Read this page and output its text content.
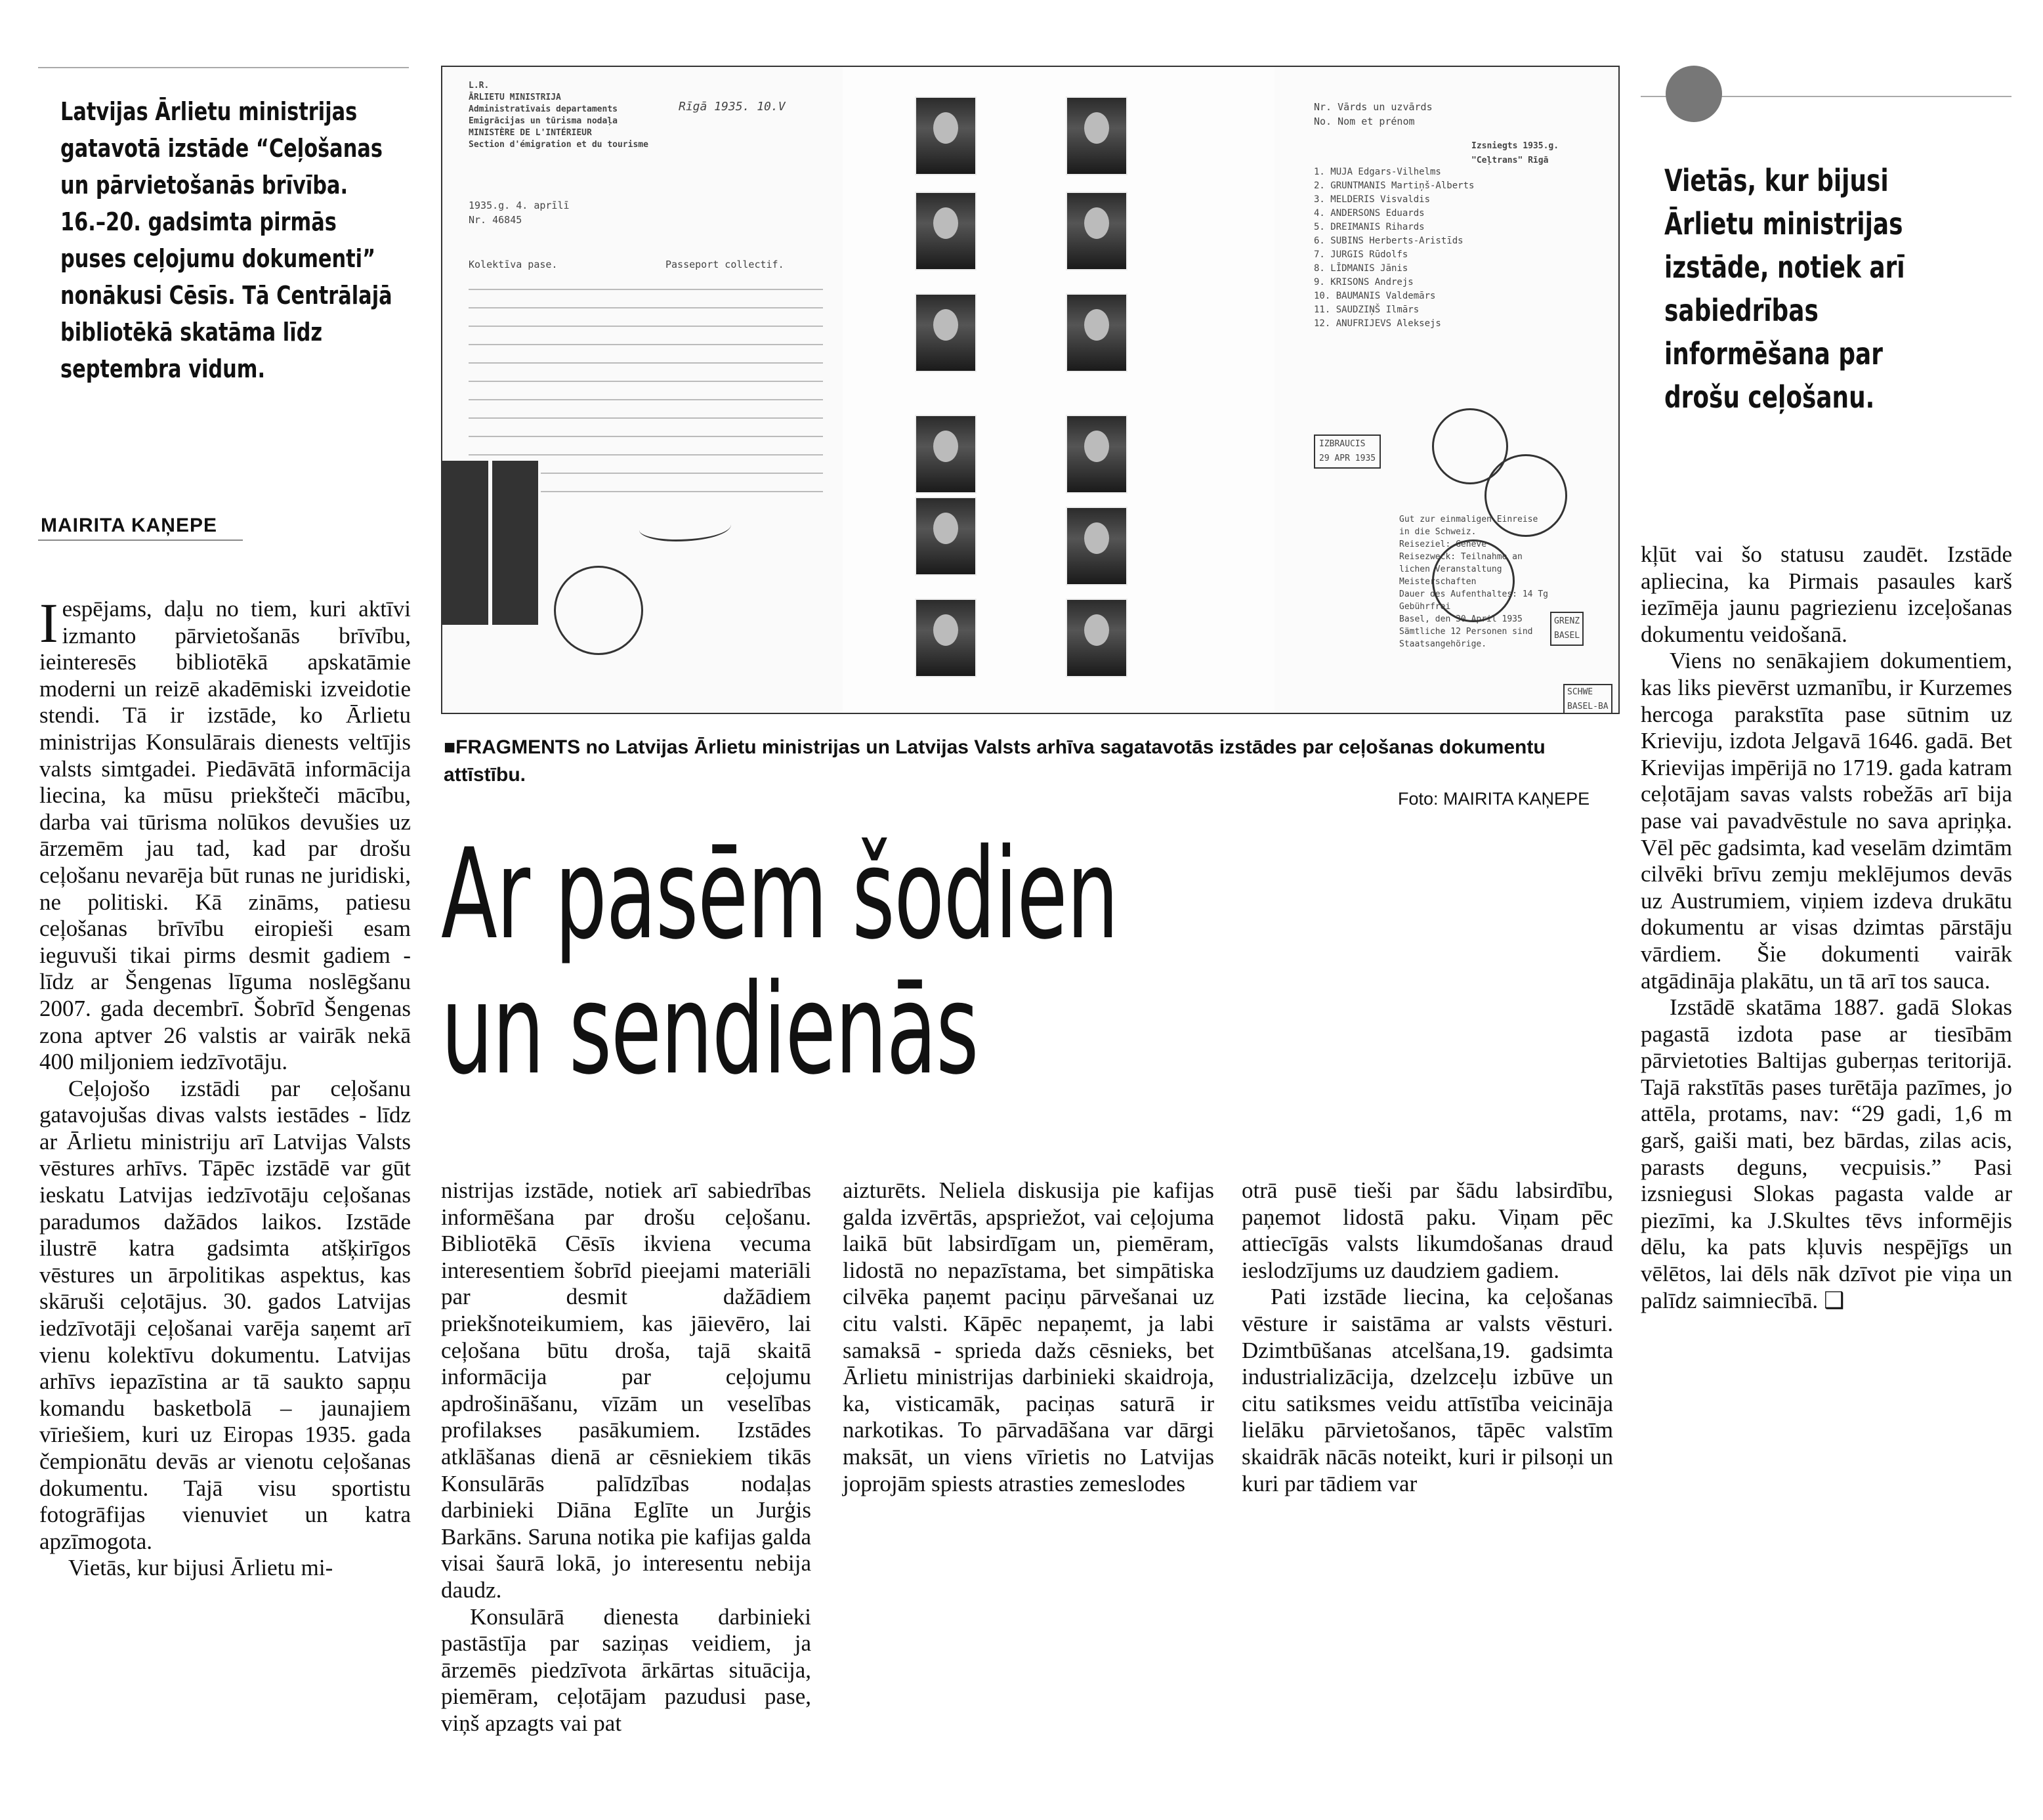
Latvijas Ārlietu ministrijas gatavotā izstāde “Ceļošanas un pārvietošanās brīvība. 16.–20. gadsimta pirmās puses ceļojumu dokumenti” nonākusi Cēsīs. Tā Centrālajā bibliotēkā skatāma līdz septembra vidum.
MAIRITA KAŅEPE

Iespējams, daļu no tiem, kuri aktīvi izmanto pārvietošanās brīvību, ieinteresēs bibliotēkā apskatāmie moderni un reizē akadēmiski izveidotie stendi. Tā ir izstāde, ko Ārlietu ministrijas Konsulārais dienests veltījis valsts simtgadei. Piedāvātā informācija liecina, ka mūsu priekšteči mācību, darba vai tūrisma nolūkos devušies uz ārzemēm jau tad, kad par drošu ceļošanu nevarēja būt runas ne juridiski, ne politiski. Kā zināms, patiesu ceļošanas brīvību eiropieši esam ieguvuši tikai pirms desmit gadiem - līdz ar Šengenas līguma noslēgšanu 2007. gada decembrī. Šobrīd Šengenas zona aptver 26 valstis ar vairāk nekā 400 miljoniem iedzīvotāju.

Ceļojošo izstādi par ceļošanu gatavojušas divas valsts iestādes - līdz ar Ārlietu ministriju arī Latvijas Valsts vēstures arhīvs. Tāpēc izstādē var gūt ieskatu Latvijas iedzīvotāju ceļošanas paradumos dažādos laikos. Izstāde ilustrē katra gadsimta atšķirīgos vēstures un ārpolitikas aspektus, kas skāruši ceļotājus. 30. gados Latvijas iedzīvotāji ceļošanai varēja saņemt arī vienu kolektīvu dokumentu. Latvijas arhīvs iepazīstina ar tā saukto sapņu komandu basketbolā – jaunajiem vīriešiem, kuri uz Eiropas 1935. gada čempionātu devās ar vienotu ceļošanas dokumentu. Tajā visu sportistu fotogrāfijas vienuviet un katra apzīmogota.

Vietās, kur bijusi Ārlietu mi-

L.R.
ĀRLIETU MINISTRIJA
Administratīvais departaments
Emigrācijas un tūrisma nodaļa
MINISTÈRE DE L'INTÉRIEUR
Section d'émigration et du tourisme
1935.g. 4. aprīlī
Nr. 46845
Rīgā 1935. 10.V
Kolektīva pase.	Passeport collectif.
Nr. Vārds un uzvārds
No. Nom et prénom
Izsniegts 1935.g.
"Ceļtrans" Rīgā
1. MUJA Edgars-Vilhelms
2. GRUNTMANIS Martiņš-Alberts
3. MELDERIS Visvaldis
4. ANDERSONS Eduards
5. DREIMANIS Rihards
6. SUBINS Herberts-Aristīds
7. JURGIS Rūdolfs
8. LĪDMANIS Jānis
9. KRISONS Andrejs
10. BAUMANIS Valdemārs
11. SAUDZIŅŠ Ilmārs
12. ANUFRIJEVS Aleksejs
IZBRAUCIS
29 APR 1935
Gut zur einmaligen Einreise
in die Schweiz.
Reiseziel: Genève
Reisezweck: Teilnahme an
lichen Veranstaltung
Meisterschaften
Dauer des Aufenthaltes: 14 Tg
Gebührfrei
Basel, den 30.April 1935
Sämtliche 12 Personen sind
Staatsangehörige.
GRENZ
BASEL
SCHWE
BASEL-BA
■FRAGMENTS no Latvijas Ārlietu ministrijas un Latvijas Valsts arhīva sagatavotās izstādes par ceļošanas dokumentu attīstību.
Foto: MAIRITA KAŅEPE
Ar pasēm šodien
un sendienās

nistrijas izstāde, notiek arī sabiedrības informēšana par drošu ceļošanu. Bibliotēkā Cēsīs ikviena vecuma interesentiem šobrīd pieejami materiāli par desmit dažādiem priekšnoteikumiem, kas jāievēro, lai ceļošana būtu droša, tajā skaitā informācija par ceļojumu apdrošināšanu, vīzām un veselības profilakses pasākumiem. Izstādes atklāšanas dienā ar cēsniekiem tikās Konsulārās palīdzības nodaļas darbinieki Diāna Eglīte un Jurģis Barkāns. Saruna notika pie kafijas galda visai šaurā lokā, jo interesentu nebija daudz.

Konsulārā dienesta darbinieki pastāstīja par saziņas veidiem, ja ārzemēs piedzīvota ārkārtas situācija, piemēram, ceļotājam pazudusi pase, viņš apzagts vai pat

aizturēts. Neliela diskusija pie kafijas galda izvērtās, apspriežot, vai ceļojuma laikā būt labsirdīgam un, piemēram, lidostā no nepazīstama, bet simpātiska cilvēka paņemt paciņu pārvešanai uz citu valsti. Kāpēc nepaņemt, ja labi samaksā - sprieda dažs cēsnieks, bet Ārlietu ministrijas darbinieki skaidroja, ka, visticamāk, paciņas saturā ir narkotikas. To pārvadāšana var dārgi maksāt, un viens vīrietis no Latvijas joprojām spiests atrasties zemeslodes

otrā pusē tieši par šādu labsirdību, paņemot lidostā paku. Viņam pēc attiecīgās valsts likumdošanas draud ieslodzījums uz daudziem gadiem.

Pati izstāde liecina, ka ceļošanas vēsture ir saistāma ar valsts vēsturi. Dzimtbūšanas atcelšana,19. gadsimta industrializācija, dzelzceļu izbūve un citu satiksmes veidu attīstība veicināja lielāku pārvietošanos, tāpēc valstīm skaidrāk nācās noteikt, kuri ir pilsoņi un kuri par tādiem var

Vietās, kur bijusi Ārlietu ministrijas izstāde, notiek arī sabiedrības informēšana par drošu ceļošanu.

kļūt vai šo statusu zaudēt. Izstāde apliecina, ka Pirmais pasaules karš iezīmēja jaunu pagriezienu izceļošanas dokumentu veidošanā.

Viens no senākajiem dokumentiem, kas liks pievērst uzmanību, ir Kurzemes hercoga parakstīta pase sūtnim uz Krieviju, izdota Jelgavā 1646. gadā. Bet Krievijas impērijā no 1719. gada katram ceļotājam savas valsts robežās arī bija pase vai pavadvēstule no sava apriņķa. Vēl pēc gadsimta, kad veselām dzimtām cilvēki brīvu zemju meklējumos devās uz Austrumiem, viņiem izdeva drukātu dokumentu ar visas dzimtas pārstāju vārdiem. Šie dokumenti vairāk atgādināja plakātu, un tā arī tos sauca.

Izstādē skatāma 1887. gadā Slokas pagastā izdota pase ar tiesībām pārvietoties Baltijas guberņas teritorijā. Tajā rakstītās pases turētāja pazīmes, jo attēla, protams, nav: “29 gadi, 1,6 m garš, gaiši mati, bez bārdas, zilas acis, parasts deguns, vecpuisis.” Pasi izsniegusi Slokas pagasta valde ar piezīmi, ka J.Skultes tēvs informējis dēlu, ka pats kļuvis nespējīgs un vēlētos, lai dēls nāk dzīvot pie viņa un palīdz saimniecībā. ❑
